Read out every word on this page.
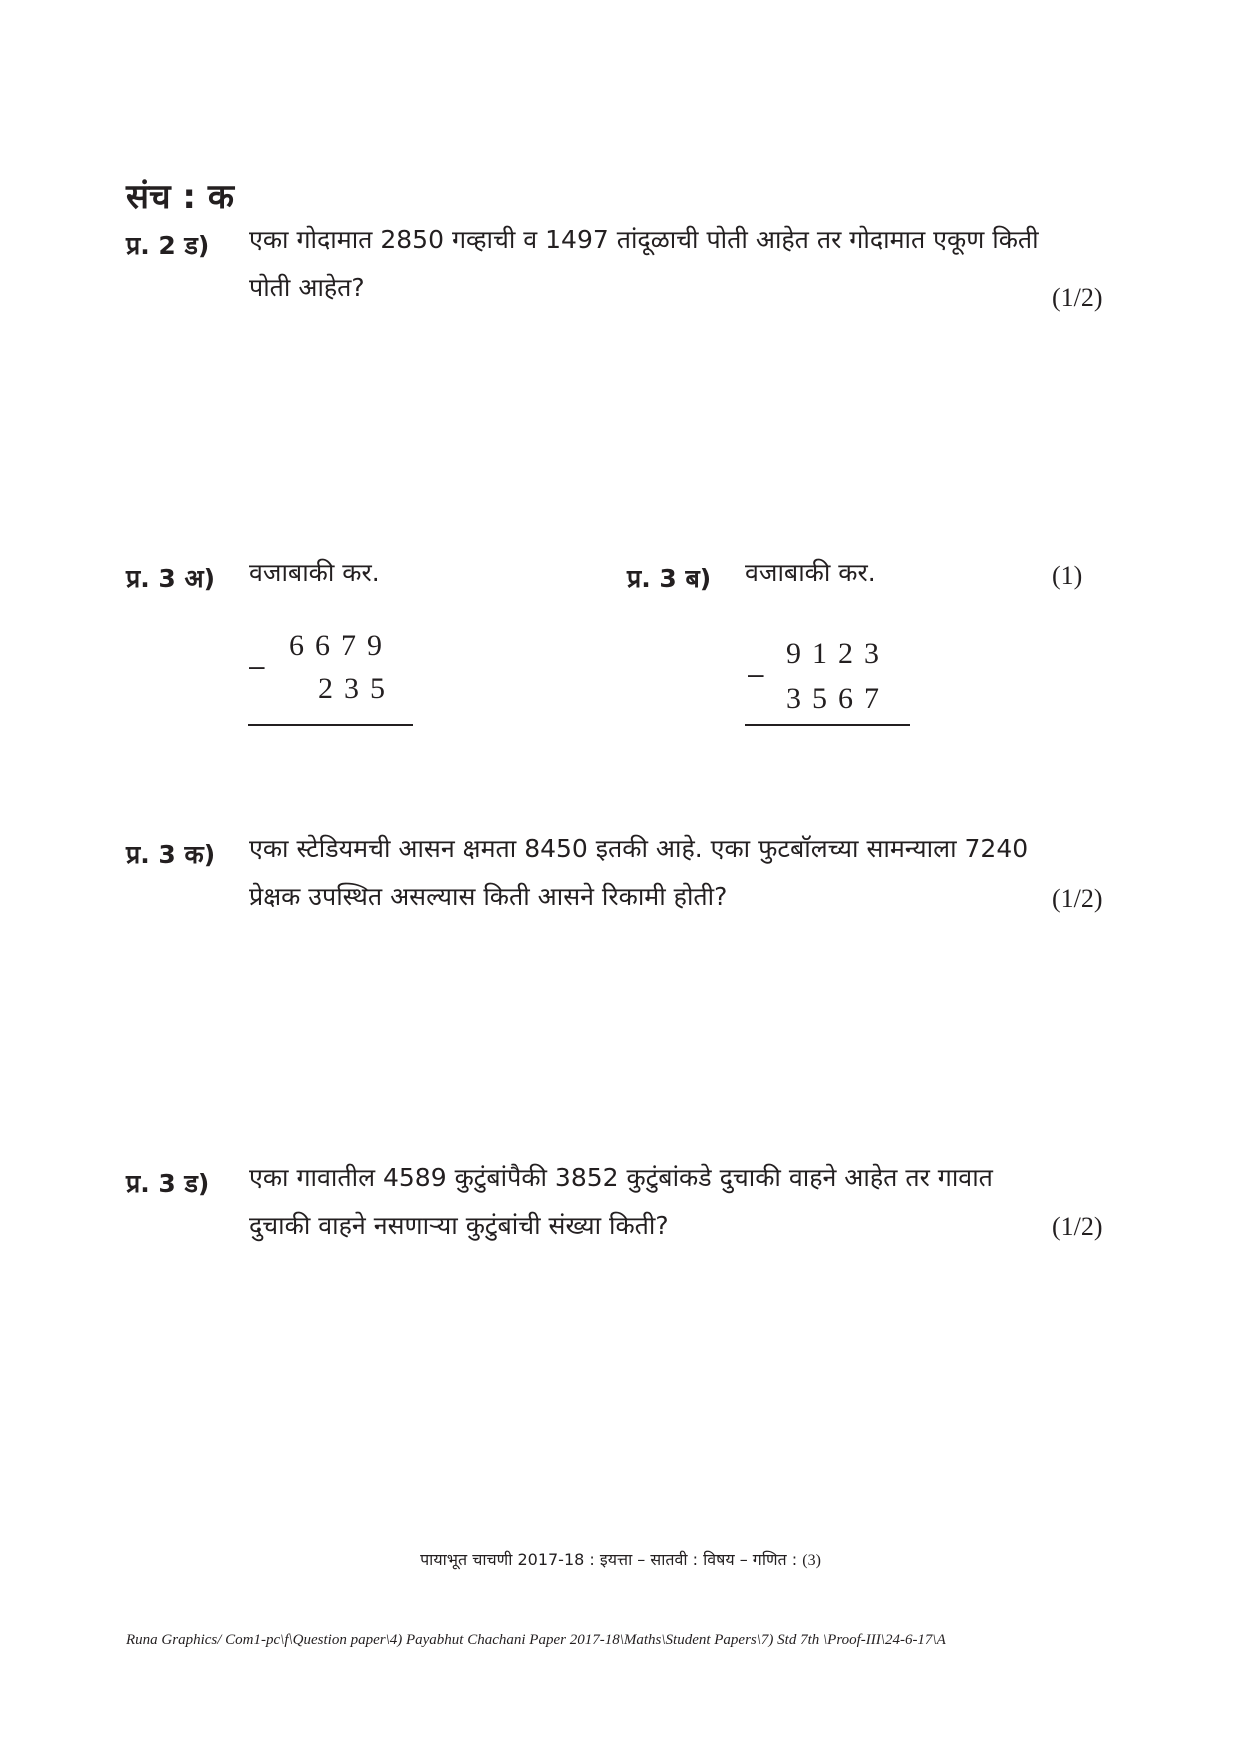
संच : क
प्र. 2 ड) एका गोदामात 2850 गव्हाची व 1497 तांदूळाची पोती आहेत तर गोदामात एकूण किती
पोती आहेत?	(1/2)
प्र. 3 अ) वजाबाकी कर.
6679
–
235
प्र. 3 ब) वजाबाकी कर.	(1)
9123
–
3567
प्र. 3 क) एका स्टेडियमची आसन क्षमता 8450 इतकी आहे. एका फुटबॉलच्या सामन्याला 7240
प्रेक्षक उपस्थित असल्यास किती आसने रिकामी होती?	(1/2)
प्र. 3 ड) एका गावातील 4589 कुटुंबांपैकी 3852 कुटुंबांकडे दुचाकी वाहने आहेत तर गावात
दुचाकी वाहने नसणाऱ्या कुटुंबांची संख्या किती?	(1/2)
पायाभूत चाचणी 2017-18 : इयत्ता – सातवी : विषय – गणित : (3)
Runa Graphics/ Com1-pc\f\Question paper\4) Payabhut Chachani Paper 2017-18\Maths\Student Papers\7) Std 7th \Proof-III\24-6-17\A
